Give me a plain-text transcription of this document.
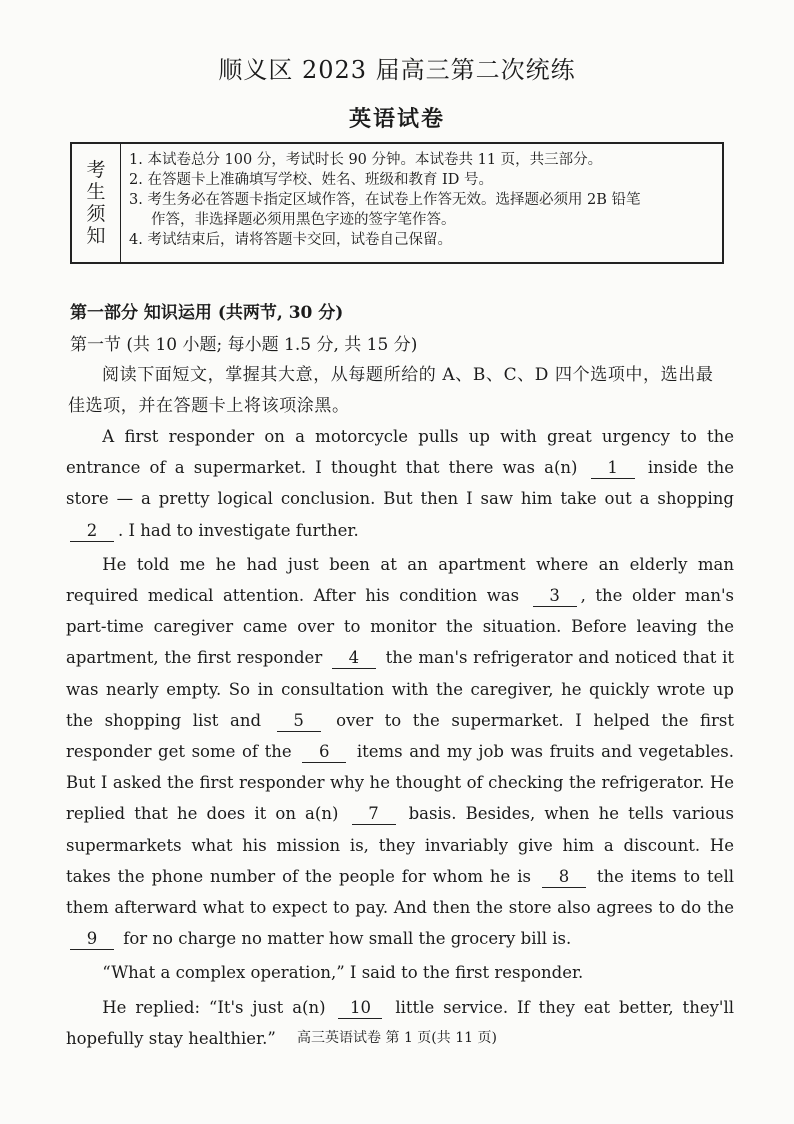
顺义区 2023 届高三第二次统练
英语试卷
考
生
须
知
1. 本试卷总分 100 分，考试时长 90 分钟。本试卷共 11 页，共三部分。
2. 在答题卡上准确填写学校、姓名、班级和教育 ID 号。
3. 考生务必在答题卡指定区域作答，在试卷上作答无效。选择题必须用 2B 铅笔
作答，非选择题必须用黑色字迹的签字笔作答。
4. 考试结束后，请将答题卡交回，试卷自己保留。
第一部分 知识运用 (共两节, 30 分)
第一节 (共 10 小题; 每小题 1.5 分, 共 15 分)
阅读下面短文，掌握其大意，从每题所给的 A、B、C、D 四个选项中，选出最佳选项，并在答题卡上将该项涂黑。

A first responder on a motorcycle pulls up with great urgency to the entrance of a supermarket. I thought that there was a(n) 1 inside the store — a pretty logical conclusion. But then I saw him take out a shopping 2 . I had to investigate further.

He told me he had just been at an apartment where an elderly man required medical attention. After his condition was 3 , the older man's part-time caregiver came over to monitor the situation. Before leaving the apartment, the first responder 4 the man's refrigerator and noticed that it was nearly empty. So in consultation with the caregiver, he quickly wrote up the shopping list and 5 over to the supermarket. I helped the first responder get some of the 6 items and my job was fruits and vegetables. But I asked the first responder why he thought of checking the refrigerator. He replied that he does it on a(n) 7 basis. Besides, when he tells various supermarkets what his mission is, they invariably give him a discount. He takes the phone number of the people for whom he is 8 the items to tell them afterward what to expect to pay. And then the store also agrees to do the 9 for no charge no matter how small the grocery bill is.

“What a complex operation,” I said to the first responder.

He replied: “It's just a(n) 10 little service. If they eat better, they'll hopefully stay healthier.”	高三英语试卷 第 1 页(共 11 页)
